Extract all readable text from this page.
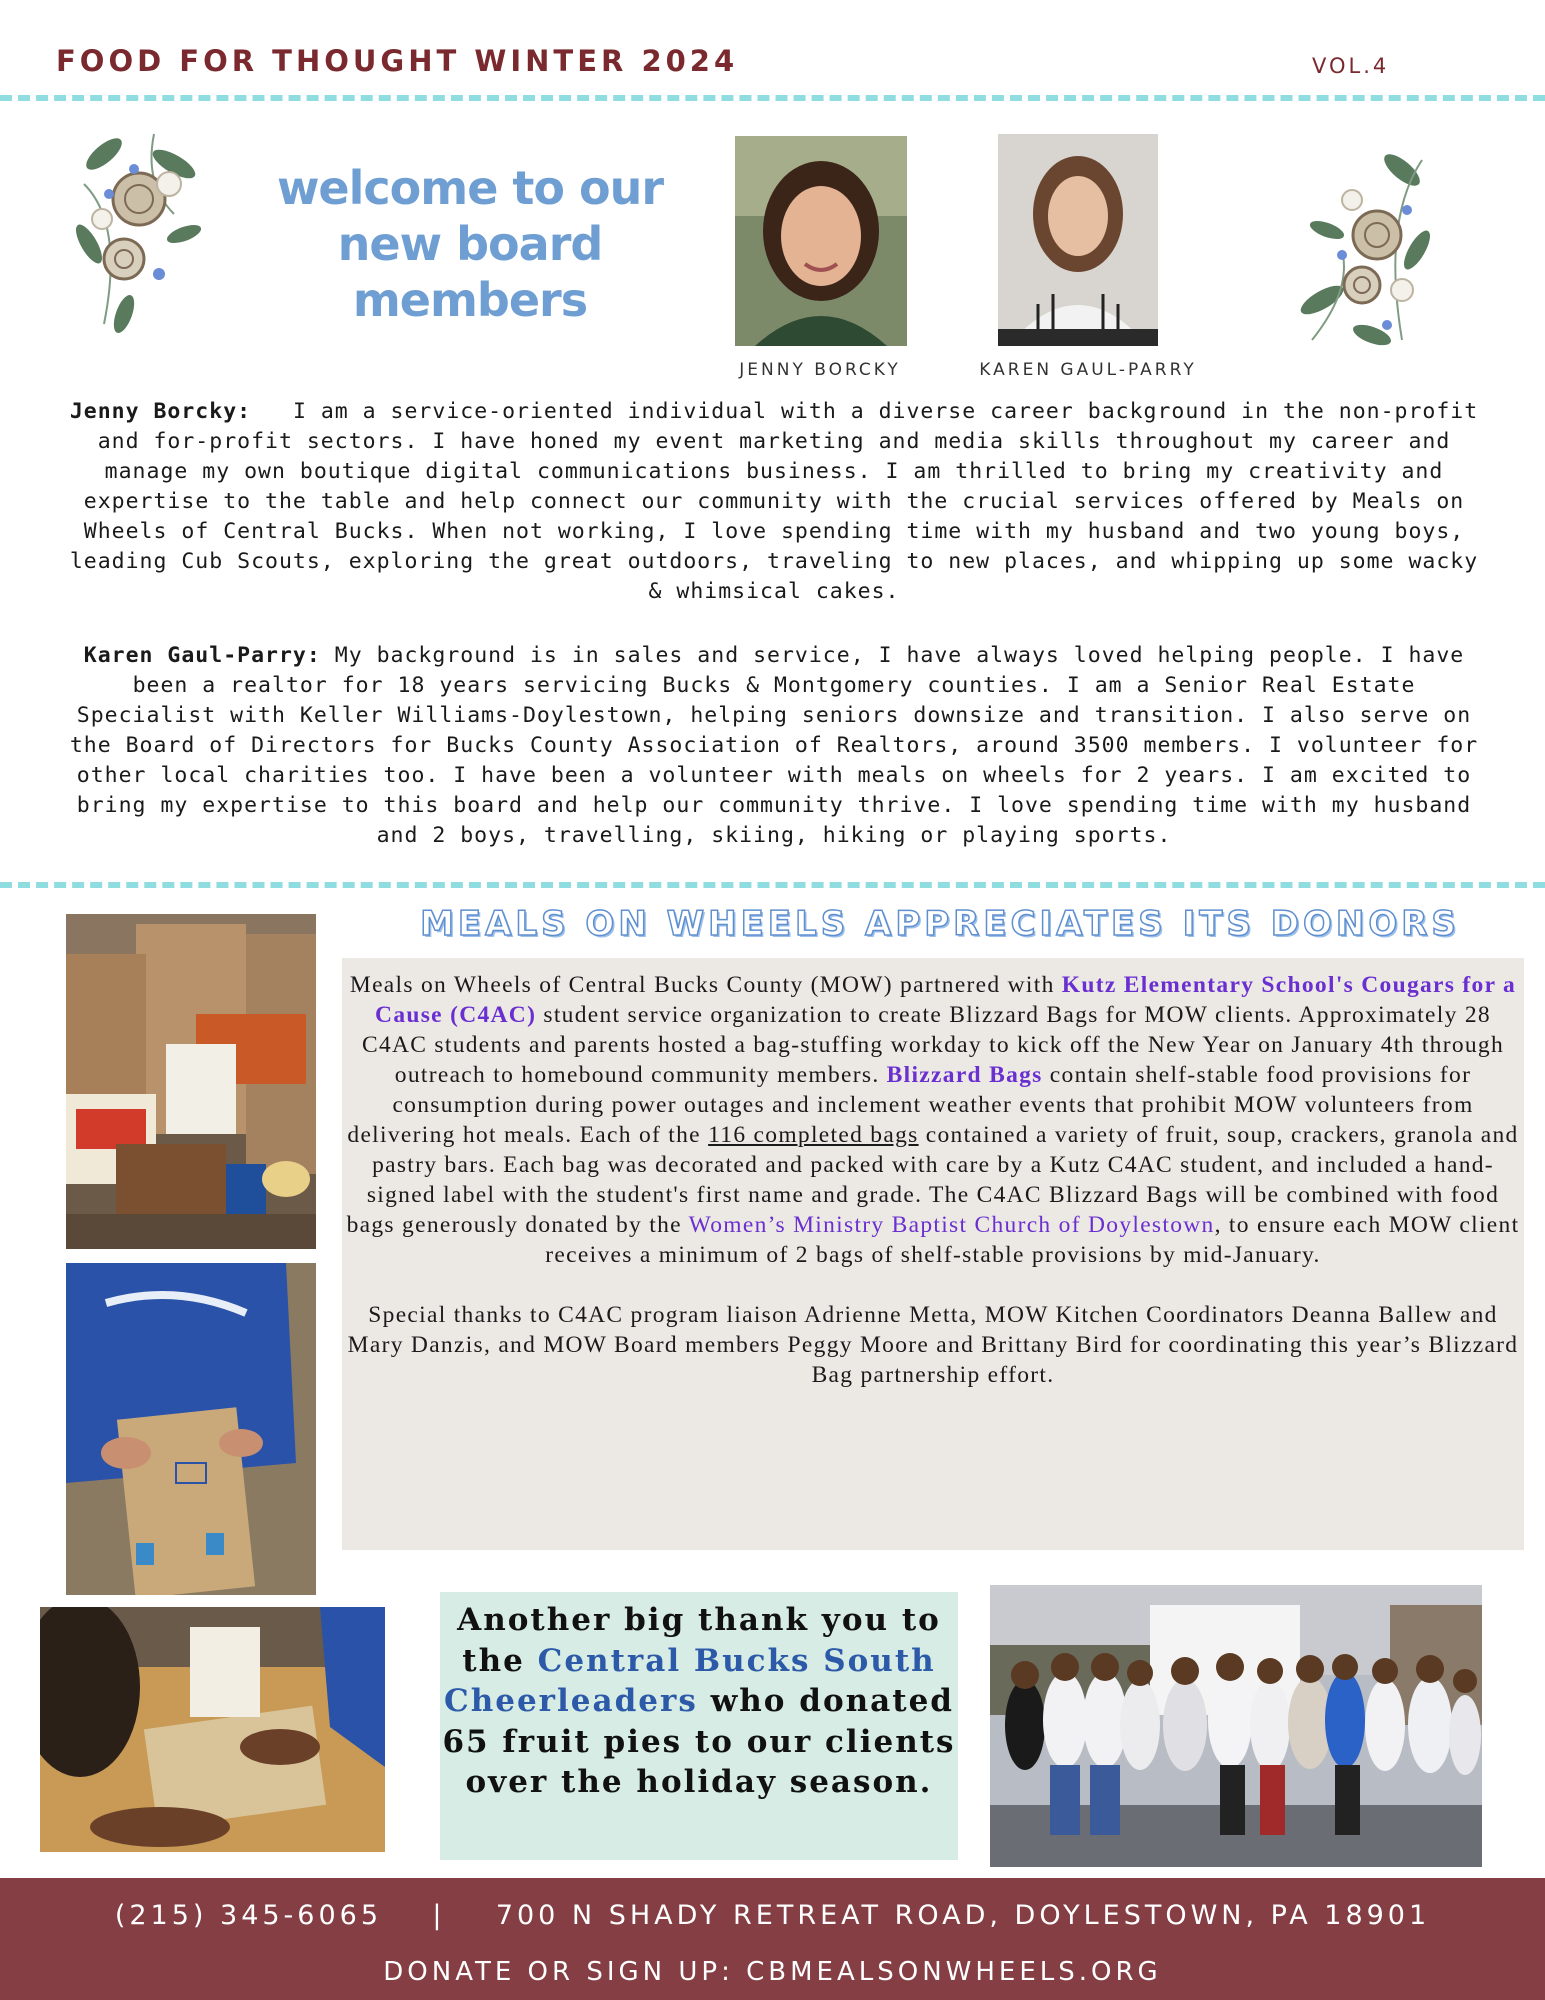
FOOD FOR THOUGHT WINTER 2024	VOL.4
welcome to our
new board
members
JENNY BORCKY	KAREN GAUL-PARRY
Jenny Borcky: I am a service-oriented individual with a diverse career background in the non-profit and for-profit sectors. I have honed my event marketing and media skills throughout my career and manage my own boutique digital communications business. I am thrilled to bring my creativity and expertise to the table and help connect our community with the crucial services offered by Meals on Wheels of Central Bucks. When not working, I love spending time with my husband and two young boys, leading Cub Scouts, exploring the great outdoors, traveling to new places, and whipping up some wacky & whimsical cakes.
Karen Gaul-Parry: My background is in sales and service, I have always loved helping people. I have been a realtor for 18 years servicing Bucks & Montgomery counties. I am a Senior Real Estate Specialist with Keller Williams-Doylestown, helping seniors downsize and transition. I also serve on the Board of Directors for Bucks County Association of Realtors, around 3500 members. I volunteer for other local charities too. I have been a volunteer with meals on wheels for 2 years. I am excited to bring my expertise to this board and help our community thrive. I love spending time with my husband and 2 boys, travelling, skiing, hiking or playing sports.
MEALS ON WHEELS APPRECIATES ITS DONORS

Meals on Wheels of Central Bucks County (MOW) partnered with Kutz Elementary School's Cougars for a Cause (C4AC) student service organization to create Blizzard Bags for MOW clients. Approximately 28 C4AC students and parents hosted a bag-stuffing workday to kick off the New Year on January 4th through outreach to homebound community members. Blizzard Bags contain shelf-stable food provisions for consumption during power outages and inclement weather events that prohibit MOW volunteers from delivering hot meals. Each of the 116 completed bags contained a variety of fruit, soup, crackers, granola and pastry bars. Each bag was decorated and packed with care by a Kutz C4AC student, and included a hand-signed label with the student's first name and grade. The C4AC Blizzard Bags will be combined with food bags generously donated by the Women’s Ministry Baptist Church of Doylestown, to ensure each MOW client receives a minimum of 2 bags of shelf-stable provisions by mid-January.

Special thanks to C4AC program liaison Adrienne Metta, MOW Kitchen Coordinators Deanna Ballew and Mary Danzis, and MOW Board members Peggy Moore and Brittany Bird for coordinating this year’s Blizzard Bag partnership effort.

Another big thank you to the Central Bucks South Cheerleaders who donated 65 fruit pies to our clients over the holiday season.
(215) 345-6065 | 700 N SHADY RETREAT ROAD, DOYLESTOWN, PA 18901
DONATE OR SIGN UP: CBMEALSONWHEELS.ORG
